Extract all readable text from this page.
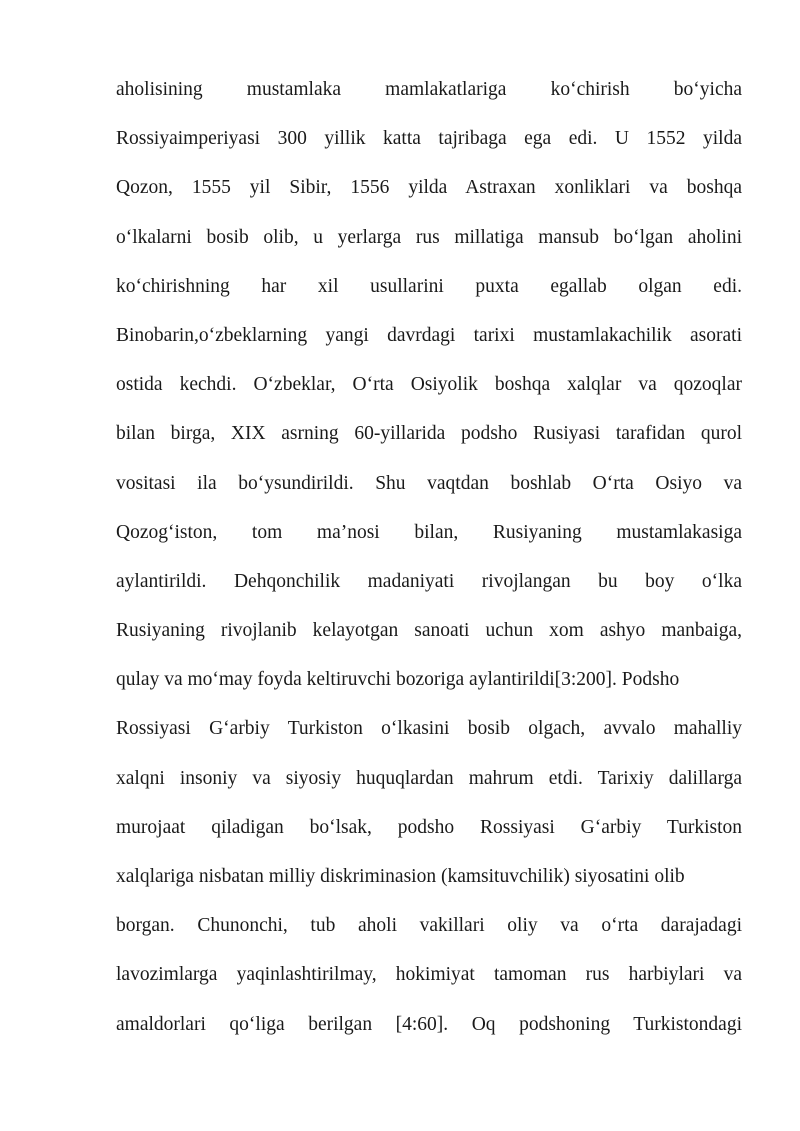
aholisining mustamlaka mamlakatlariga ko‘chirish bo‘yicha
Rossiyaimperiyasi 300 yillik katta tajribaga ega edi. U 1552 yilda
Qozon, 1555 yil Sibir, 1556 yilda Astraxan xonliklari va boshqa
o‘lkalarni bosib olib, u yerlarga rus millatiga mansub bo‘lgan aholini
ko‘chirishning har xil usullarini puxta egallab olgan edi.
Binobarin,o‘zbeklarning yangi davrdagi tarixi mustamlakachilik asorati
ostida kechdi. O‘zbeklar, O‘rta Osiyolik boshqa xalqlar va qozoqlar
bilan birga, XIX asrning 60-yillarida podsho Rusiyasi tarafidan qurol
vositasi ila bo‘ysundirildi. Shu vaqtdan boshlab O‘rta Osiyo va
Qozog‘iston, tom ma’nosi bilan, Rusiyaning mustamlakasiga
aylantirildi. Dehqonchilik madaniyati rivojlangan bu boy o‘lka
Rusiyaning rivojlanib kelayotgan sanoati uchun xom ashyo manbaiga,
qulay va mo‘may foyda keltiruvchi bozoriga aylantirildi[3:200]. Podsho
Rossiyasi G‘arbiy Turkiston o‘lkasini bosib olgach, avvalo mahalliy
xalqni insoniy va siyosiy huquqlardan mahrum etdi. Tarixiy dalillarga
murojaat qiladigan bo‘lsak, podsho Rossiyasi G‘arbiy Turkiston
xalqlariga nisbatan milliy diskriminasion (kamsituvchilik) siyosatini olib
borgan. Chunonchi, tub aholi vakillari oliy va o‘rta darajadagi
lavozimlarga yaqinlashtirilmay, hokimiyat tamoman rus harbiylari va
amaldorlari qo‘liga berilgan [4:60]. Oq podshoning Turkistondagi
